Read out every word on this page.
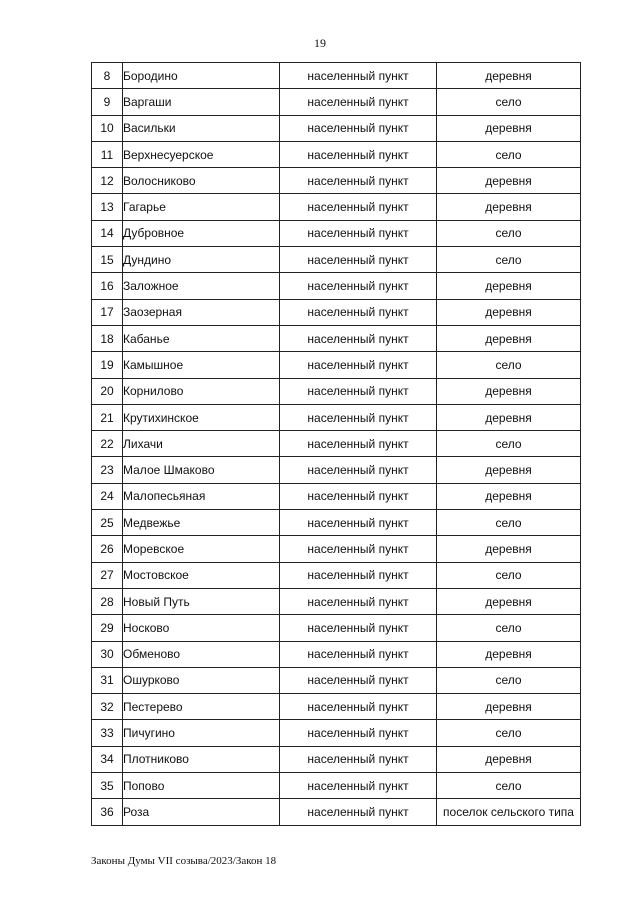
19
8	Бородино	населенный пункт	деревня
9	Варгаши	населенный пункт	село
10	Васильки	населенный пункт	деревня
11	Верхнесуерское	населенный пункт	село
12	Волосниково	населенный пункт	деревня
13	Гагарье	населенный пункт	деревня
14	Дубровное	населенный пункт	село
15	Дундино	населенный пункт	село
16	Заложное	населенный пункт	деревня
17	Заозерная	населенный пункт	деревня
18	Кабанье	населенный пункт	деревня
19	Камышное	населенный пункт	село
20	Корнилово	населенный пункт	деревня
21	Крутихинское	населенный пункт	деревня
22	Лихачи	населенный пункт	село
23	Малое Шмаково	населенный пункт	деревня
24	Малопесьяная	населенный пункт	деревня
25	Медвежье	населенный пункт	село
26	Моревское	населенный пункт	деревня
27	Мостовское	населенный пункт	село
28	Новый Путь	населенный пункт	деревня
29	Носково	населенный пункт	село
30	Обменово	населенный пункт	деревня
31	Ошурково	населенный пункт	село
32	Пестерево	населенный пункт	деревня
33	Пичугино	населенный пункт	село
34	Плотниково	населенный пункт	деревня
35	Попово	населенный пункт	село
36	Роза	населенный пункт	поселок сельского типа
Законы Думы VII созыва/2023/Закон 18
